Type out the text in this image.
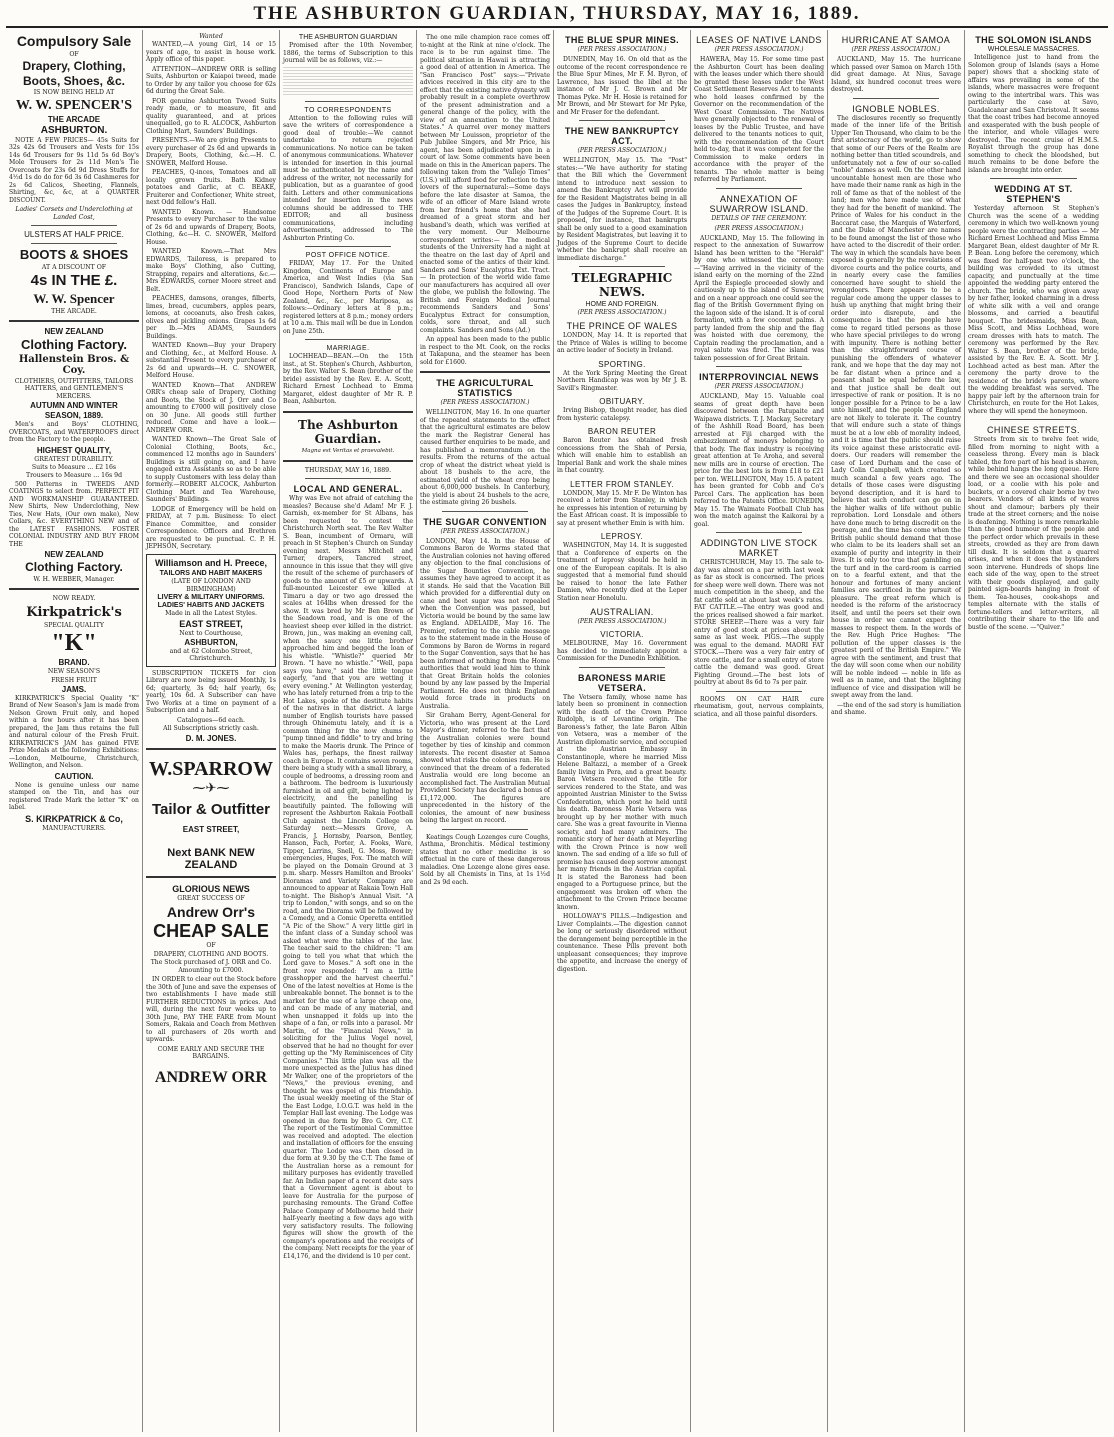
THE ASHBURTON GUARDIAN, THURSDAY, MAY 16, 1889.
Compulsory Sale
OF
Drapery, Clothing,
Boots, Shoes, &c.
IS NOW BEING HELD AT
W. W. SPENCER'S
THE ARCADE
ASHBURTON.

NOTE A FEW PRICES— 45s Suits for 32s 42s 6d Trousers and Vests for 15s 14s 6d Trousers for 9s 11d 5s 6d Boy's Mole Trousers for 2s 11d Men's Tie Overcoats for 23s 6d 9d Dress Stuffs for 4½d 1s do do for 6d 3s 6d Cashmeres for 2s 6d Calicos, Sheeting, Flannels, Shirting, &c, &c, at a QUARTER DISCOUNT.

Ladies' Corsets and Underclothing at Landed Cost,

ULSTERS AT HALF PRICE.
BOOTS & SHOES
AT A DISCOUNT OF
4s IN THE £.
W. W. Spencer
THE ARCADE.
NEW ZEALAND
Clothing Factory.
Hallenstein Bros. & Coy.
CLOTHIERS, OUTFITTERS, TAILORS HATTERS, and GENTLEMEN'S MERCERS.
AUTUMN AND WINTER
SEASON, 1889.

Men's and Boys' CLOTHING, OVERCOATS, and WATERPROOFS direct from the Factory to the people.

HIGHEST QUALITY,
GREATEST DURABILITY.
Suits to Measure ... £2 16s
Trousers to Measure ... 16s 9d

500 Patterns in TWEEDS AND COATINGS to select from. PERFECT FIT AND WORKMANSHIP GUARANTEED. New Shirts, New Underclothing, New Ties, New Hats, (Our own make), New Collars, &c. EVERYTHING NEW and of the LATEST FASHIONS. FOSTER COLONIAL INDUSTRY AND BUY FROM THE

NEW ZEALAND
Clothing Factory.
W. H. WEBBER, Manager.
NOW READY.
Kirkpatrick's
SPECIAL QUALITY
"K"
BRAND.
NEW SEASON'S
FRESH FRUIT
JAMS.

KIRKPATRICK'S Special Quality "K" Brand of New Season's Jam is made from Nelson Grown Fruit only, and hoped within a few hours after it has been prepared, the Jam thus retains the full and natural colour of the Fresh Fruit. KIRKPATRICK'S JAM has gained FIVE Prize Medals at the following Exhibitions:—London, Melbourne, Christchurch, Wellington, and Nelson.

CAUTION.

None is genuine unless our name stamped on the Tin, and has our registered Trade Mark the letter "K" on label.

S. KIRKPATRICK & Co,
MANUFACTURERS.
Wanted

WANTED,—A young Girl, 14 or 15 years of age, to assist in house work. Apply office of this paper.

ATTENTION—ANDREW ORR is selling Suits, Ashburton or Kaiapoi tweed, made to Order by any tailor you choose for 62s 6d during the Great Sale.

FOR genuine Ashburton Tweed Suits ready made, or to measure, fit and quality guaranteed, and at prices unequalled, go to R. ALCOCK, Ashburton Clothing Mart, Saunders' Buildings.

PRESENTS.—We are giving Presents to every purchaser of 2s 6d and upwards in Drapery, Boots, Clothing, &c.—H. C. SNOWER, Melford House.

PEACHES, Q-inces, Tomatoes and all locally grown fruits. Bath Kidney potatoes and Garlic, at C. BEAKE, Fruiterer and Confectioner, White street, next Odd fellow's Hall.

WANTED Known. — Handsome Presents to every Purchaser to the value of 2s 6d and upwards of Drapery, Boots, Clothing, &c—H. C. SNOWER, Melford House.

WANTED Known.—That Mrs EDWARDS, Tailoress, is prepared to make Boys' Clothing, also Cutting, Strapping, repairs and alterations, &c.—Mrs EDWARDS, corner Moore street and Belt.

PEACHES, damsons, oranges, filberts, limes, bread, cucumbers, apples pears, lemons, at cocoanuts, also fresh cakes, olives and pickling onions. Grapes 1s 6d per lb.—Mrs ADAMS, Saunders Buildings.

WANTED Known—Buy your Drapery and Clothing, &c., at Melford House. A substantial Present to every purchaser of 2s 6d and upwards—H. C. SNOWER, Melford House.

WANTED Known—That ANDREW ORR's cheap sale of Drapery, Clothing and Boots, the Stock of J. Orr and Co amounting to £7000 will positively close on 30 June. All goods still further reduced. Come and have a look.—ANDREW ORR.

WANTED Known—The Great Sale of Colonial Clothing, Boots, &c., commenced 12 months ago in Saunders' Buildings is still going on, and I have engaged extra Assistants so as to be able to supply Customers with less delay than formerly.—ROBERT ALCOCK, Ashburton Clothing Mart and Tea Warehouse, Saunders' Buildings.

LODGE of Emergency will be held on FRIDAY, at 7 p.m. Business: To elect Finance Committee, and consider Correspondence. Officers and Brethren are requested to be punctual. C. P. H. JEPHSON, Secretary.

Williamson and H. Preece,
TAILORS AND HABIT MAKERS
(LATE OF LONDON AND BIRMINGHAM)
LIVERY & MILITARY UNIFORMS.
LADIES' HABITS AND JACKETS
Made in all the Latest Styles.
EAST STREET,
Next to Courthouse,
ASHBURTON,
and at 62 Colombo Street, Christchurch.

SUBSCRIPTION TICKETS for cion Library are now being issued Monthly, 1s 6d; quarterly, 3s 6d; half yearly, 6s; yearly, 10s 6d. A Subscriber can have Two Works at a time on payment of a Subscription and a half.

Catalogues—6d each.
All Subscriptions strictly cash.
D. M. JONES.
W.SPARROW
⁓✈⁓
Tailor & Outfitter
EAST STREET,
Next BANK NEW ZEALAND
GLORIOUS NEWS
GREAT SUCCESS OF
Andrew Orr's
CHEAP SALE
OF
DRAPERY, CLOTHING AND BOOTS.

The Stock purchased of J. ORR and Co. Amounting to £7000.

IN ORDER to clear out the Stock before the 30th of June and save the expenses of two establishments I have made still FURTHER REDUCTIONS in prices. And will, during the next four weeks up to 30th June, PAY THE FARE from Mount Somers, Rakaia and Coach from Methven to all purchasers of 20s worth and upwards.

COME EARLY AND SECURE THE BARGAINS.
ANDREW ORR
THE ASHBURTON GUARDIAN

Promised after the 10th November, 1886, the terms of Subscription to this journal will be as follows, viz.:—

TO CORRESPONDENTS

Attention to the following rules will save the writers of correspondence a good deal of trouble:—We cannot undertake to return rejected communications. No notice can be taken of anonymous communications. Whatever is intended for insertion in this journal must be authenticated by the name and address of the writer, not necessarily for publication, but as a guarantee of good faith. Letters and other communications intended for insertion in the news columns should be addressed to THE EDITOR; and all business communications, including advertisements, addressed to The Ashburton Printing Co.

POST OFFICE NOTICE.

FRIDAY, May 17. For the United Kingdom, Continents of Europe and America, and West Indies (via San Francisco), Sandwich Islands, Cape of Good Hope, Northern Ports of New Zealand, &c., &c., per Mariposa, as follows:—Ordinary letters at 8 p.m.; registered letters at 8 p.m.; money orders at 10 a.m. This mail will be due in London on June 25th.

MARRIAGE.

LOCHHEAD—BEAN.—On the 15th inst., at St. Stephen's Church, Ashburton, by the Rev. Walter S. Bean (brother of the bride) assisted by the Rev. E. A. Scott, Richard Ernest Lochhead to Emma Margaret, eldest daughter of Mr R. P. Bean, Ashburton.

The Ashburton Guardian.
Magna est Veritas et praevalebit.
THURSDAY, MAY 16, 1889.
LOCAL AND GENERAL.

Why was Eve not afraid of catching the measles? Because she'd Adam! Mr F. J. Garnish, ex-member for St Albans, has been requested to contest the Christchurch North seat. The Rev Walter S. Bean, incumbent of Ormaru, will preach in St Stephen's Church on Sunday evening next. Messrs Mitchell and Turner, drapers, Tancred street, announce in this issue that they will give the result of the scheme of purchasers of goods to the amount of £5 or upwards. A full-mounted Leicester ewe killed at Timaru a day or two ago dressed the scales at 164lbs when dressed for the show. It was bred by Mr Ben Brown of the Seadown road, and is one of the heaviest sheep ever killed in the district. Brown, jun., was making an evening call, when the saucy one little brother approached him and begged the loan of his whistle. "Whistle?" queried Mr Brown. "I have no whistle." "Well, papa says you have," said the little tongue eagerly, "and that you are wetting it every evening." At Wellington yesterday, who has lately returned from a trip to the Hot Lakes, spoke of the destitute habits of the natives in that district. A large number of English tourists have passed through Ohinemutu lately, and it is a common thing for the now chums to "pump tinned and fiddle" to try and bring to make the Maoris drunk. The Prince of Wales has, perhaps, the finest railway coach in Europe. It contains seven rooms, there being a study with a small library, a couple of bedrooms, a dressing room and a bathroom. The bedroom is luxuriously furnished in oil and gilt, being lighted by electricity, and the panelling is beautifully painted. The following will represent the Ashburton Rakaia Football Club against the Lincoln College on Saturday next:—Messrs Grove, A. Francis, J. Hornsby, Pearson, Bentley, Hanson, Fach, Porter, A. Fooks, Ware, Tipper, Larrins, Snell, G. Moss, Bower; emergencies, Huges, Fox. The match will be played on the Domain Ground at 3 p.m. sharp. Messrs Hamilton and Brooks' Dioramas and Variety Company are announced to appear at Rakaia Town Hall to-night. The Bishop's Annual Visit. "A trip to London," with songs, and so on the road, and the Diorama will be followed by a Comedy, and a Comic Operetta entitled "A Pic of the Show." A very little girl in the infant class of a Sunday school was asked what were the tables of the law. The teacher said to the children: "I am going to tell you what that which the Lord gave to Moses." A soft one in the front row responded: "I am a little grasshopper and the harvest cheerful." One of the latest novelties at Home is the unbreakable bonnet. The bonnet is to the market for the use of a large cheap one, and can be made of any material, and when unsnapped it folds up into the shape of a fan, or rolls into a parasol. Mr Martin, of the "Financial News," in soliciting for the Julius Vogel novel, observed that he had no thought for ever getting up the "My Reminiscences of City Companies." This little plan was all the more unexpected as the Julius has dined Mr Walker, one of the proprietors of the "News," the previous evening, and thought he was gospel of his friendship. The usual weekly meeting of the Star of the East Lodge, I.O.G.T. was held in the Templar Hall last evening. The Lodge was opened in due form by Bro G. Orr, C.T. The report of the Testimonial Committee was received and adopted. The election and installation of officers for the ensuing quarter. The Lodge was then closed in due form at 9.30 by the C.T. The fame of the Australian horse as a remount for military purposes has evidently travelled far. An Indian paper of a recent date says that a Government agent is about to leave for Australia for the purpose of purchasing remounts. The Grand Coffee Palace Company of Melbourne held their half-yearly meeting a few days ago with very satisfactory results. The following figures will show the growth of the company's operations and the receipts of the company. Nett receipts for the year of £14,176, and the dividend is 10 per cent.

The one mile champion race comes off to-night at the Rink at nine o'clock. The race is to be run against time. The political situation in Hawaii is attracting a good deal of attention in America. The "San Francisco Post" says:—"Private advices received in this city are to the effect that the existing native dynasty will probably result in a complete overthrow of the present administration and a general change of the policy, with the view of an annexation to the United States." A quarrel over money matters between Mr Louisson, proprietor of the Pub Jubilee Singers, and Mr Price, his agent, has been adjudicated upon in a court of law. Some comments have been made on this in the American papers. The following taken from the "Vallejo Times" (U.S.) will afford food for reflection to the lovers of the supernatural:—Some days before the late disaster at Samoa, the wife of an officer of Mare Island wrote from her friend's home that she had dreamed of a great storm and her husband's death, which was verified at the very moment. Our Melbourne correspondent writes:— The medical students of the University had a night at the theatre on the last day of April and enacted some of the antics of their kind. Sanders and Sons' Eucalyptus Ext. Tract.— In protection of the world wide fame our manufacturers has acquired all over the globe, we publish the following. The British and Foreign Medical Journal recommends Sanders and Sons' Eucalyptus Extract for consumption, colds, sore throat, and all such complaints. Sanders and Sons (Ad.)

An appeal has been made to the public in respect to the Mt. Cook, on the rocks at Takapuna, and the steamer has been sold for £1600.

THE AGRICULTURAL STATISTICS
(PER PRESS ASSOCIATION.)

WELLINGTON, May 16. In one quarter of the repeated statements to the effect that the agricultural estimates are below the mark the Registrar General has caused further enquiries to be made, and has published a memorandum on the results. From the returns of the actual crop of wheat the district wheat yield is about 18 bushels to the acre, the estimated yield of the wheat crop being about 6,000,000 bushels. In Canterbury, the yield is about 24 bushels to the acre, the estimate giving 26 bushels.

THE SUGAR CONVENTION
(PER PRESS ASSOCIATION.)

LONDON, May 14. In the House of Commons Baron de Worms stated that the Australian colonies not having offered any objection to the final conclusions of the Sugar Bounties Convention, he assumes they have agreed to accept it as it stands. He said that the Vacation Bill which provided for a differential duty on cane and beet sugar was not repealed when the Convention was passed, but Victoria would be bound by the same law as England. ADELAIDE, May 16. The Premier, referring to the cable message as to the statement made in the House of Commons by Baron de Worms in regard to the Sugar Convention, says that he has been informed of nothing from the Home authorities that would lead him to think that Great Britain holds the colonies bound by any law passed by the Imperial Parliament. He does not think England would force trade in products on Australia.

Sir Graham Berry, Agent-General for Victoria, who was present at the Lord Mayor's dinner, referred to the fact that the Australian colonies were bound together by ties of kinship and common interests. The recent disaster at Samoa showed what risks the colonies ran. He is convinced that the dream of a federated Australia would ere long become an accomplished fact. The Australian Mutual Provident Society has declared a bonus of £1,172,000. The figures are unprecedented in the history of the colonies, the amount of new business being the largest on record.

Keatings Cough Lozenges cure Coughs, Asthma, Bronchitis. Medical testimony states that no other medicine is so effectual in the cure of these dangerous maladies. One Lozenge alone gives ease. Sold by all Chemists in Tins, at 1s 1½d and 2s 9d each.

THE BLUE SPUR MINES.
(PER PRESS ASSOCIATION.)

DUNEDIN, May 16. On old that as the outcome of the recent correspondence re the Blue Spur Mines, Mr F. M. Byron, of Lawrence, has issued the libel at the instance of Mr J. C. Brown and Mr Thomas Pyke. Mr H. Hosie is retained for Mr Brown, and Mr Stewart for Mr Pyke, and Mr Fraser for the defendant.

THE NEW BANKRUPTCY ACT.
(PER PRESS ASSOCIATION.)

WELLINGTON, May 15. The "Post" states:—"We have authority for stating that the Bill which the Government intend to introduce next session to amend the Bankruptcy Act will provide for the Resident Magistrates being in all cases the Judges in Bankruptcy, instead of the Judges of the Supreme Court. It is proposed, for instance, that bankrupts shall be only sued to a good examination by Resident Magistrates, but leaving it to Judges of the Supreme Court to decide whether the bankrupt shall receive an immediate discharge."

TELEGRAPHIC NEWS.
HOME AND FOREIGN.
(PER PRESS ASSOCIATION.)
THE PRINCE OF WALES

LONDON, May 14. It is reported that the Prince of Wales is willing to become an active leader of Society in Ireland.

SPORTING.

At the York Spring Meeting the Great Northern Handicap was won by Mr J. B. Savill's Ringmaster.

OBITUARY.

Irving Bishop, thought reader, has died from hysteric catalepsy.

BARON REUTER

Baron Reuter has obtained fresh concessions from the Shah of Persia, which will enable him to establish an Imperial Bank and work the shale mines in that country.

LETTER FROM STANLEY.

LONDON, May 15. Mr F. De Winton has received a letter from Stanley, in which he expresses his intention of returning by the East African coast. It is impossible to say at present whether Emin is with him.

LEPROSY.

WASHINGTON, May 14. It is suggested that a Conference of experts on the treatment of leprosy should be held in one of the European capitals. It is also suggested that a memorial fund should be raised to honor the late Father Damien, who recently died at the Leper Station near Honolulu.

AUSTRALIAN.
(PER PRESS ASSOCIATION.)
VICTORIA.

MELBOURNE, May 16. Government has decided to immediately appoint a Commission for the Dunedin Exhibition.

BARONESS MARIE VETSERA.

The Vetsera family, whose name has lately been so prominent in connection with the death of the Crown Prince Rudolph, is of Levantine origin. The Baroness's father, the late Baron Albin von Vetsera, was a member of the Austrian diplomatic service, and occupied at the Austrian Embassy in Constantinople, where he married Miss Helene Baltazzi, a member of a Greek family living in Pera, and a great beauty. Baron Vetsera received the title for services rendered to the State, and was appointed Austrian Minister to the Swiss Confederation, which post he held until his death. Baroness Marie Vetsera was brought up by her mother with much care. She was a great favourite in Vienna society, and had many admirers. The romantic story of her death at Meyerling with the Crown Prince is now well known. The sad ending of a life so full of promise has caused deep sorrow amongst her many friends in the Austrian capital. It is stated the Baroness had been engaged to a Portuguese prince, but the engagement was broken off when the attachment to the Crown Prince became known.

HOLLOWAY'S PILLS.—Indigestion and Liver Complaints.—The digestion cannot be long or seriously disordered without the derangement being perceptible in the countenance. These Pills prevent both unpleasant consequences; they improve the appetite, and increase the energy of digestion.

LEASES OF NATIVE LANDS
(PER PRESS ASSOCIATION.)

HAWERA, May 15. For some time past the Ashburton Court has been dealing with the leases under which there should be granted these leases under the West Coast Settlement Reserves Act to tenants who hold leases confirmed by the Governor on the recommendation of the West Coast Commission. The Natives have generally objected to the renewal of leases by the Public Trustee, and have delivered to the tenants notices to quit, with the recommendation of the Court held to-day, that it was competent for the Commission to make orders in accordance with the prayer of the tenants. The whole matter is being referred by Parliament.

ANNEXATION OF SUWARROW ISLAND.
DETAILS OF THE CEREMONY.
(PER PRESS ASSOCIATION.)

AUCKLAND, May 15. The following in respect to the annexation of Suwarrow Island has been written to the "Herald" by one who witnessed the ceremony:—"Having arrived in the vicinity of the island early on the morning of the 22nd April the Espiegle proceeded slowly and cautiously up to the island of Suwarrow, and on a near approach one could see the flag of the British Government flying on the lagoon side of the island. It is of coral formation, with a few coconut palms. A party landed from the ship and the flag was hoisted with due ceremony, the Captain reading the proclamation, and a royal salute was fired. The island was taken possession of for Great Britain.

INTERPROVINCIAL NEWS
(PER PRESS ASSOCIATION.)

AUCKLAND, May 15. Valuable coal seams of great depth have been discovered between the Patupaite and Waipawa districts. T. J. Mackay, Secretary of the Ashhill Road Board, has been arrested at Fiji charged with the embezzlement of moneys belonging to that body. The flax industry is receiving great attention at Te Aroha, and several new mills are in course of erection. The price for the best lots is from £18 to £21 per ton. WELLINGTON, May 15. A patent has been granted for Cobb and Co's Parcel Cars. The application has been referred to the Patents Office. DUNEDIN, May 15. The Waimate Football Club has won the match against the Kaikorai by a goal.

ADDINGTON LIVE STOCK MARKET

CHRISTCHURCH, May 15. The sale to-day was almost on a par with last week as far as stock is concerned. The prices for sheep were well down. There was not much competition in the sheep, and the fat cattle sold at about last week's rates. FAT CATTLE.—The entry was good and the prices realised showed a fair market. STORE SHEEP.—There was a very fair entry of good stock at prices about the same as last week. PIGS.—The supply was equal to the demand. MAORI FAT STOCK.—There was a very fair entry of store cattle, and for a small entry of store cattle the demand was good. Great Fighting Ground.—The best lots of poultry at about 8s 6d to 7s per pair.

ROOMS ON CAT HAIR cure rheumatism, gout, nervous complaints, sciatica, and all those painful disorders.

HURRICANE AT SAMOA
(PER PRESS ASSOCIATION.)

AUCKLAND, May 15. The hurricane which passed over Samoa on March 15th did great damage. At Nius, Savage Island, six hundred coconut trees were destroyed.

IGNOBLE NOBLES.

The disclosures recently so frequently made of the inner life of the British Upper Ten Thousand, who claim to be the first aristocracy of the world, go to show that some of our Peers of the Realm are nothing better than titled scoundrels, and unfortunately not a few of our so-called "noble" dames as well. On the other hand uncountable honest men are those who have made their name rank as high in the roll of fame as that of the noblest of the land; men who have made use of what they had for the benefit of mankind. The Prince of Wales for his conduct in the Baccarat case, the Marquis of Waterford, and the Duke of Manchester are names to be found amongst the list of those who have acted to the discredit of their order. The way in which the scandals have been exposed is generally by the revelations of divorce courts and the police courts, and in nearly every case the families concerned have sought to shield the wrongdoers. There appears to be a regular code among the upper classes to hush up anything that might bring their order into disrepute, and the consequence is that the people have come to regard titled persons as those who have special privileges to do wrong with impunity. There is nothing better than the straightforward course of punishing the offenders of whatever rank, and we hope that the day may not be far distant when a prince and a peasant shall be equal before the law, and that justice shall be dealt out irrespective of rank or position. It is no longer possible for a Prince to be a law unto himself, and the people of England are not likely to tolerate it. The country that will endure such a state of things must be at a low ebb of morality indeed, and it is time that the public should raise its voice against these aristocratic evil-doers. Our readers will remember the case of Lord Durham and the case of Lady Colin Campbell, which created so much scandal a few years ago. The details of those cases were disgusting beyond description, and it is hard to believe that such conduct can go on in the higher walks of life without public reprobation. Lord Lonsdale and others have done much to bring discredit on the peerage, and the time has come when the British public should demand that those who claim to be its leaders shall set an example of purity and integrity in their lives. It is only too true that gambling on the turf and in the card-room is carried on to a fearful extent, and that the honour and fortunes of many ancient families are sacrificed in the pursuit of pleasure. The great reform which is needed is the reform of the aristocracy itself, and until the peers set their own house in order we cannot expect the masses to respect them. In the words of the Rev. Hugh Price Hughes: "The pollution of the upper classes is the greatest peril of the British Empire." We agree with the sentiment, and trust that the day will soon come when our nobility will be noble indeed — noble in life as well as in name, and that the blighting influence of vice and dissipation will be swept away from the land.

—the end of the sad story is humiliation and shame.

THE SOLOMON ISLANDS
WHOLESALE MASSACRES.

Intelligence just to hand from the Solomon group of Islands (says a Home paper) shows that a shocking state of affairs was prevailing in some of the islands, where massacres were frequent owing to the intertribal wars. This was particularly the case at Savo, Guadalcanar and San Christoval. It seems that the coast tribes had become annoyed and exasperated with the bush people of the interior, and whole villages were destroyed. The recent cruise of H.M.S. Royalist through the group has done something to check the bloodshed, but much remains to be done before the islands are brought into order.

WEDDING AT ST. STEPHEN'S

Yesterday afternoon St Stephen's Church was the scene of a wedding ceremony in which two well-known young people were the contracting parties — Mr Richard Ernest Lochhead and Miss Emma Margaret Bean, eldest daughter of Mr R. P. Bean. Long before the ceremony, which was fixed for half-past two o'clock, the building was crowded to its utmost capacity, and punctually at the time appointed the wedding party entered the church. The bride, who was given away by her father, looked charming in a dress of white silk with a veil and orange blossoms, and carried a beautiful bouquet. The bridesmaids, Miss Bean, Miss Scott, and Miss Lochhead, wore cream dresses with hats to match. The ceremony was performed by the Rev. Walter S. Bean, brother of the bride, assisted by the Rev. E. A. Scott. Mr J. Lochhead acted as best man. After the ceremony the party drove to the residence of the bride's parents, where the wedding breakfast was served. The happy pair left by the afternoon train for Christchurch, en route for the Hot Lakes, where they will spend the honeymoon.

CHINESE STREETS.

Streets from six to twelve feet wide, filled from morning to night with a ceaseless throng. Every man is black tabled, the fore part of his head is shaven, while behind hangs the long queue. Here and there we see an occasional shoulder load, or a coolie with his pole and buckets, or a covered chair borne by two bearers. Vendors of all kinds of wares shout and clamour; barbers ply their trade at the street corners; and the noise is deafening. Nothing is more remarkable than the good humour of the people and the perfect order which prevails in these streets, crowded as they are from dawn till dusk. It is seldom that a quarrel arises, and when it does the bystanders soon intervene. Hundreds of shops line each side of the way, open to the street with their goods displayed, and gaily painted sign-boards hanging in front of them. Tea-houses, cook-shops and temples alternate with the stalls of fortune-tellers and letter-writers, all contributing their share to the life and bustle of the scene. —"Quiver."
